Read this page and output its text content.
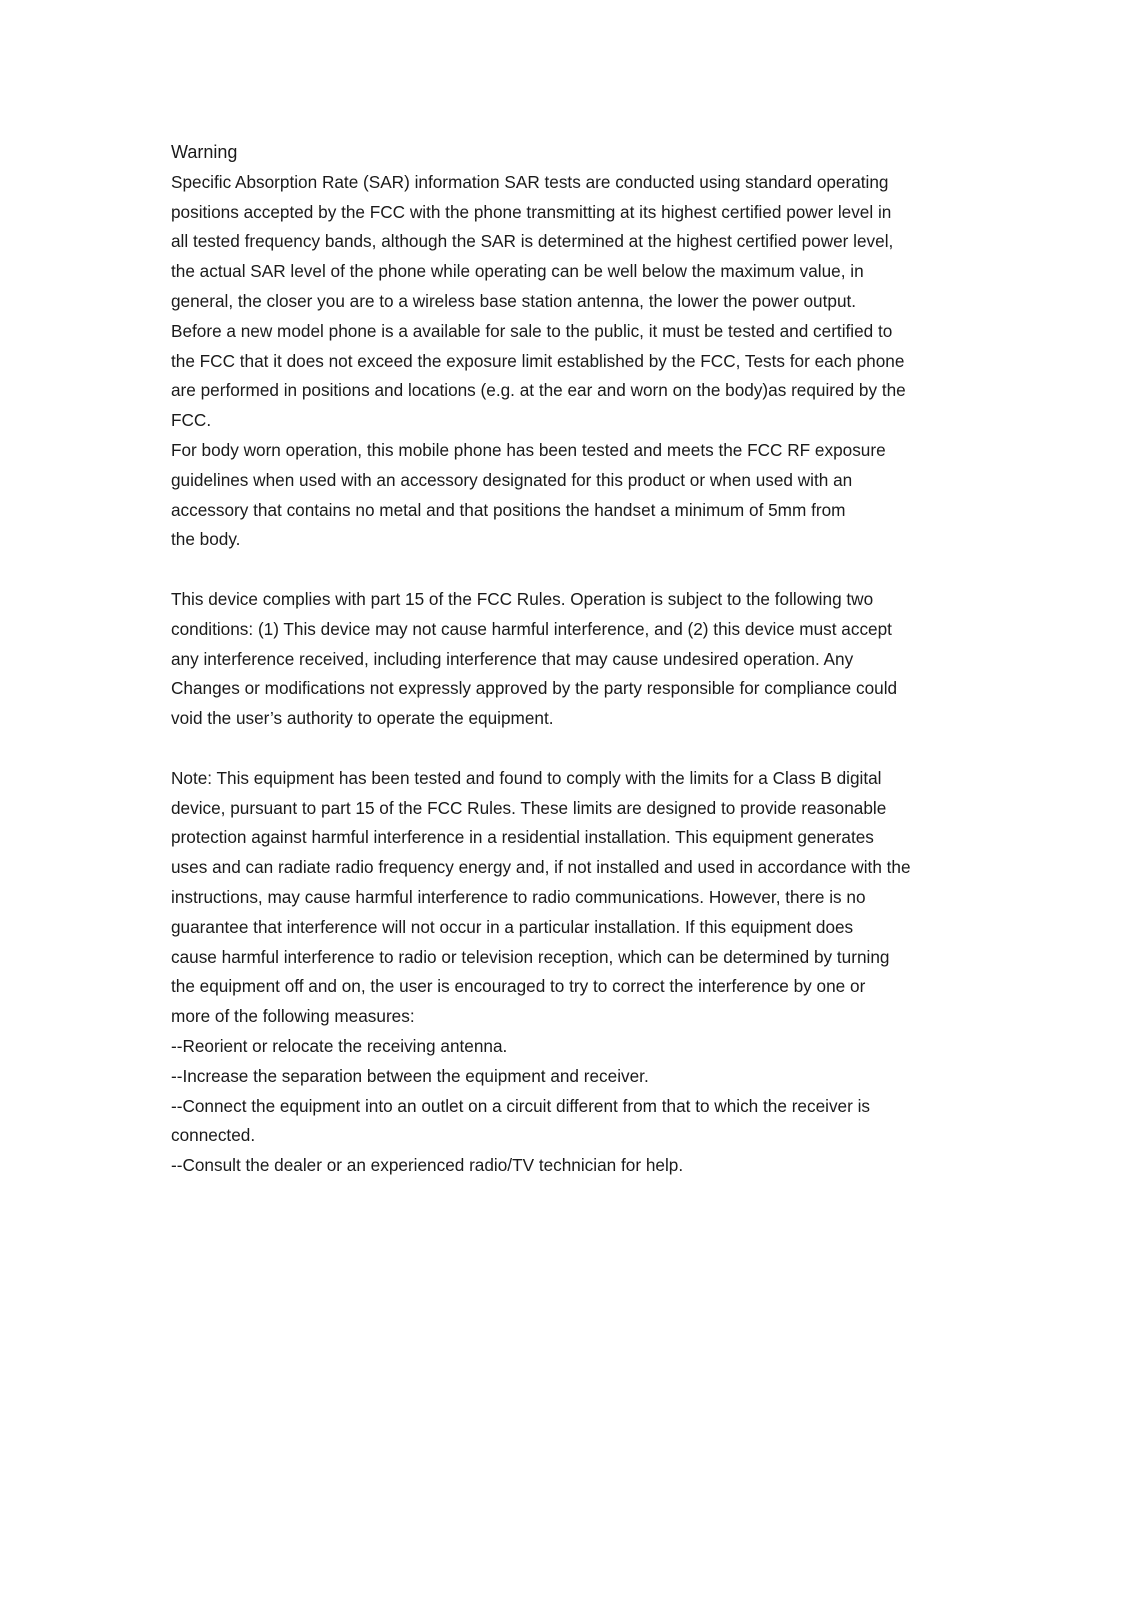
Warning
Specific Absorption Rate (SAR) information SAR tests are conducted using standard operating
positions accepted by the FCC with the phone transmitting at its highest certified power level in
all tested frequency bands, although the SAR is determined at the highest certified power level,
the actual SAR level of the phone while operating can be well below the maximum value, in
general, the closer you are to a wireless base station antenna, the lower the power output.
Before a new model phone is a available for sale to the public, it must be tested and certified to
the FCC that it does not exceed the exposure limit established by the FCC, Tests for each phone
are performed in positions and locations (e.g. at the ear and worn on the body)as required by the
FCC.
For body worn operation, this mobile phone has been tested and meets the FCC RF exposure
guidelines when used with an accessory designated for this product or when used with an
accessory that contains no metal and that positions the handset a minimum of 5mm from
the body.
This device complies with part 15 of the FCC Rules. Operation is subject to the following two
conditions: (1) This device may not cause harmful interference, and (2) this device must accept
any interference received, including interference that may cause undesired operation. Any
Changes or modifications not expressly approved by the party responsible for compliance could
void the user’s authority to operate the equipment.
Note: This equipment has been tested and found to comply with the limits for a Class B digital
device, pursuant to part 15 of the FCC Rules. These limits are designed to provide reasonable
protection against harmful interference in a residential installation. This equipment generates
uses and can radiate radio frequency energy and, if not installed and used in accordance with the
instructions, may cause harmful interference to radio communications. However, there is no
guarantee that interference will not occur in a particular installation. If this equipment does
cause harmful interference to radio or television reception, which can be determined by turning
the equipment off and on, the user is encouraged to try to correct the interference by one or
more of the following measures:
--Reorient or relocate the receiving antenna.
--Increase the separation between the equipment and receiver.
--Connect the equipment into an outlet on a circuit different from that to which the receiver is
connected.
--Consult the dealer or an experienced radio/TV technician for help.
